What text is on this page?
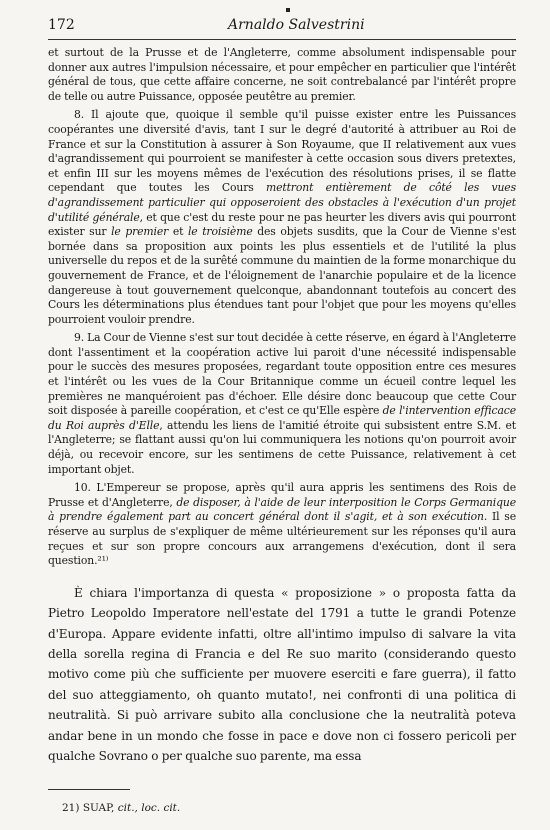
172	Arnaldo Salvestrini

et surtout de la Prusse et de l'Angleterre, comme absolument indispensable pour donner aux autres l'impulsion nécessaire, et pour empêcher en particulier que l'intérêt général de tous, que cette affaire concerne, ne soit contrebalancé par l'intérêt propre de telle ou autre Puissance, opposée peutêtre au premier.

8. Il ajoute que, quoique il semble qu'il puisse exister entre les Puissances coopérantes une diversité d'avis, tant I sur le degré d'autorité à attribuer au Roi de France et sur la Constitution à assurer à Son Royaume, que II relativement aux vues d'agrandissement qui pourroient se manifester à cette occasion sous divers pretextes, et enfin III sur les moyens mêmes de l'exécution des résolutions prises, il se flatte cependant que toutes les Cours mettront entièrement de côté les vues d'agrandissement particulier qui opposeroient des obstacles à l'exécution d'un projet d'utilité générale, et que c'est du reste pour ne pas heurter les divers avis qui pourront exister sur le premier et le troisième des objets susdits, que la Cour de Vienne s'est bornée dans sa proposition aux points les plus essentiels et de l'utilité la plus universelle du repos et de la surêté commune du maintien de la forme monarchique du gouvernement de France, et de l'éloignement de l'anarchie populaire et de la licence dangereuse à tout gouvernement quelconque, abandonnant toutefois au concert des Cours les déterminations plus étendues tant pour l'objet que pour les moyens qu'elles pourroient vouloir prendre.

9. La Cour de Vienne s'est sur tout decidée à cette réserve, en égard à l'Angleterre dont l'assentiment et la coopération active lui paroit d'une nécessité indispensable pour le succès des mesures proposées, regardant toute opposition entre ces mesures et l'intérêt ou les vues de la Cour Britannique comme un écueil contre lequel les premières ne manquéroient pas d'échoer. Elle désire donc beaucoup que cette Cour soit disposée à pareille coopération, et c'est ce qu'Elle espère de l'intervention efficace du Roi auprès d'Elle, attendu les liens de l'amitié étroite qui subsistent entre S.M. et l'Angleterre; se flattant aussi qu'on lui communiquera les notions qu'on pourroit avoir déjà, ou recevoir encore, sur les sentimens de cette Puissance, relativement à cet important objet.

10. L'Empereur se propose, après qu'il aura appris les sentimens des Rois de Prusse et d'Angleterre, de disposer, à l'aide de leur interposition le Corps Germanique à prendre également part au concert général dont il s'agit, et à son exécution. Il se réserve au surplus de s'expliquer de même ultérieurement sur les réponses qu'il aura reçues et sur son propre concours aux arrangemens d'exécution, dont il sera question.²¹⁾

È chiara l'importanza di questa « proposizione » o proposta fatta da Pietro Leopoldo Imperatore nell'estate del 1791 a tutte le grandi Potenze d'Europa. Appare evidente infatti, oltre all'intimo impulso di salvare la vita della sorella regina di Francia e del Re suo marito (considerando questo motivo come più che sufficiente per muovere eserciti e fare guerra), il fatto del suo atteggiamento, oh quanto mutato!, nei confronti di una politica di neutralità. Si può arrivare subito alla conclusione che la neutralità poteva andar bene in un mondo che fosse in pace e dove non ci fossero pericoli per qualche Sovrano o per qualche suo parente, ma essa

21) SUAP, cit., loc. cit.
